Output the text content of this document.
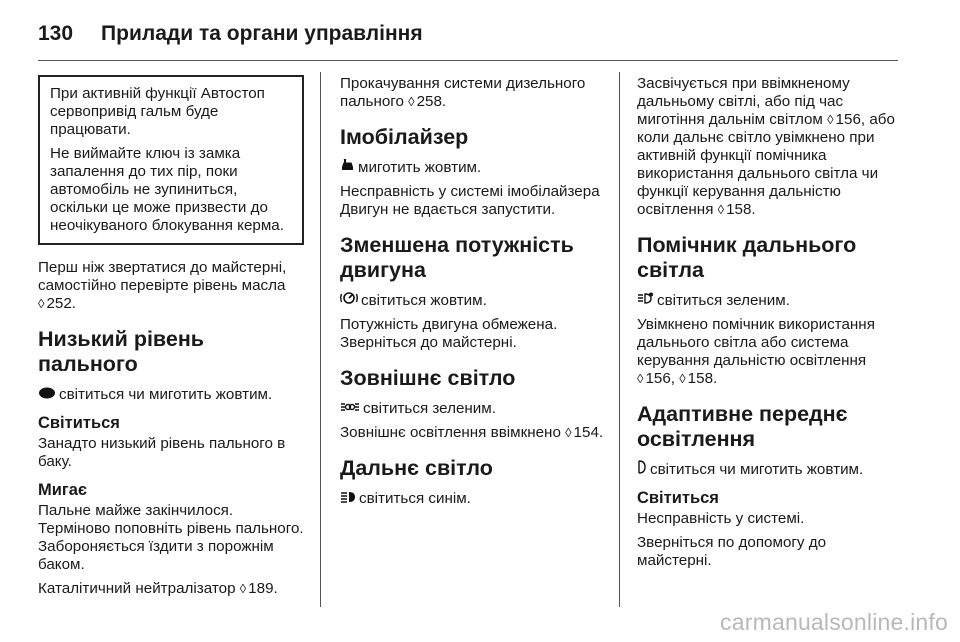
130 Прилади та органи управління

При активній функції Автостоп сервопривід гальм буде працювати.

Не виймайте ключ із замка запалення до тих пір, поки автомобіль не зупиниться, оскільки це може призвести до неочікуваного блокування керма.

Перш ніж звертатися до майстерні, самостійно перевірте рівень масла ◊ 252.

Низький рівень пального

світиться чи миготить жовтим.

Світиться

Занадто низький рівень пального в баку.

Мигає

Пальне майже закінчилося. Терміново поповніть рівень пального. Забороняється їздити з порожнім баком.

Каталітичний нейтралізатор ◊ 189.

Прокачування системи дизельного пального ◊ 258.

Імобілайзер

миготить жовтим.

Несправність у системі імобілайзера Двигун не вдається запустити.

Зменшена потужність двигуна

світиться жовтим.

Потужність двигуна обмежена. Зверніться до майстерні.

Зовнішнє світло

світиться зеленим.

Зовнішнє освітлення ввімкнено ◊ 154.

Дальнє світло

світиться синім.

Засвічується при ввімкненому дальньому світлі, або під час миготіння дальнім світлом ◊ 156, або коли дальнє світло увімкнено при активній функції помічника використання дальнього світла чи функції керування дальністю освітлення ◊ 158.

Помічник дальнього світла

світиться зеленим.

Увімкнено помічник використання дальнього світла або система керування дальністю освітлення ◊ 156, ◊ 158.

Адаптивне переднє освітлення

світиться чи миготить жовтим.

Світиться

Несправність у системі.

Зверніться по допомогу до майстерні.

carmanualsonline.info
